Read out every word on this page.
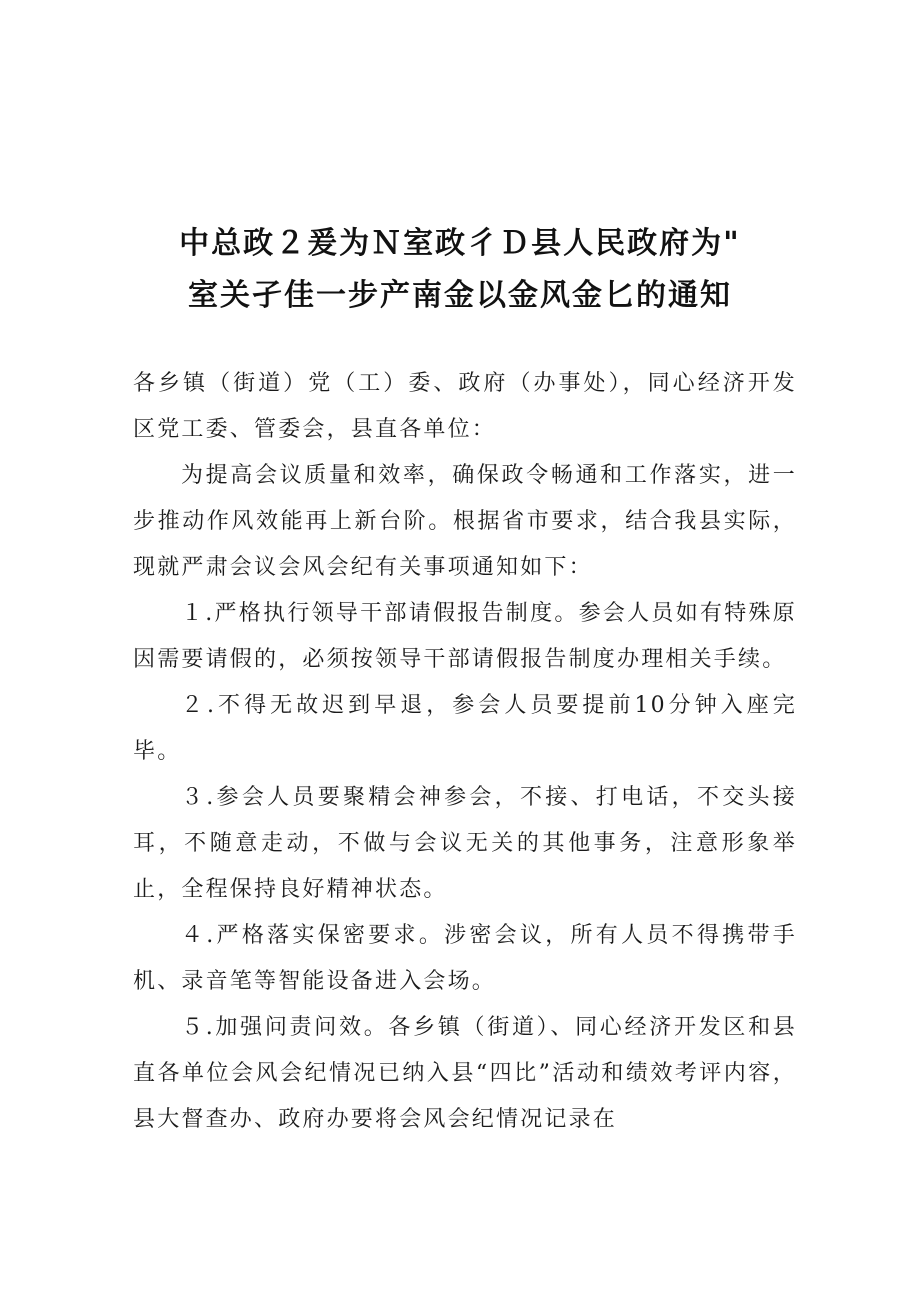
中总政２爰为Ｎ室政彳Ｄ县人民政府为"
室关孑佳一步产南金以金风金匕的通知

各乡镇（街道）党（工）委、政府（办事处），同心经济开发区党工委、管委会，县直各单位：

为提高会议质量和效率，确保政令畅通和工作落实，进一步推动作风效能再上新台阶。根据省市要求，结合我县实际，现就严肃会议会风会纪有关事项通知如下：

１.严格执行领导干部请假报告制度。参会人员如有特殊原因需要请假的，必须按领导干部请假报告制度办理相关手续。

２.不得无故迟到早退，参会人员要提前10分钟入座完毕。

３.参会人员要聚精会神参会，不接、打电话，不交头接耳，不随意走动，不做与会议无关的其他事务，注意形象举止，全程保持良好精神状态。

４.严格落实保密要求。涉密会议，所有人员不得携带手机、录音笔等智能设备进入会场。

５.加强问责问效。各乡镇（街道）、同心经济开发区和县直各单位会风会纪情况已纳入县“四比”活动和绩效考评内容，县大督查办、政府办要将会风会纪情况记录在
